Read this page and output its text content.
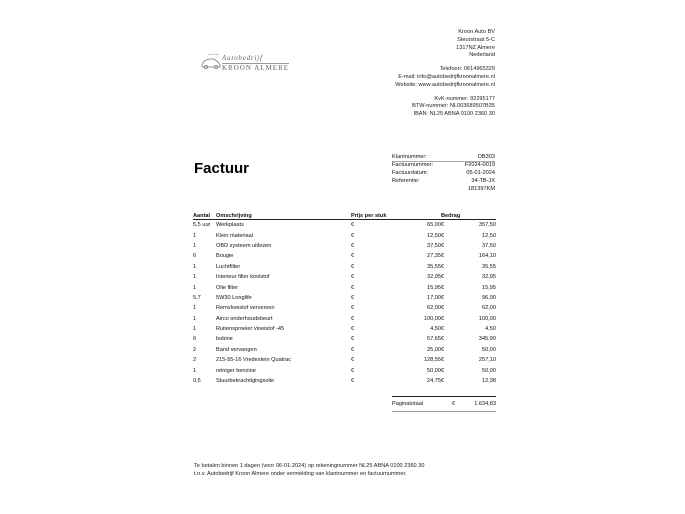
Autobedrijf
KROON ALMERE
Kroon Auto BV
Steurstraat 5-C
1317NZ Almere
Nederland
Telefoon: 0614965329
E-mail: info@autobedrijfkroonalmere.nl
Website: www.autobedrijfkroonalmere.nl
KvK-nummer: 92295177
BTW-nummer: NL003689507B35
IBAN: NL25 ABNA 0100 2360 30
Factuur
Klantnummer:	DB303
Factuurnummer:	F2024-0019
Factuurdatum:	05-01-2024
Referentie:	34-TB-JX
181397KM
Aantal	Omschrijving	Prijs per stuk		Bedrag	
5,5 uur	Werkplaats	€	65,00	€	357,50
1	Klein materiaal	€	12,50	€	12,50
1	OBD systeem uitlezen	€	37,50	€	37,50
6	Bougie	€	27,35	€	164,10
1	Luchtfilter	€	35,55	€	35,55
1	Interieur filter koolstof	€	32,95	€	32,95
1	Olie filter	€	15,95	€	15,95
5,7	5W30 Longlife	€	17,00	€	96,90
1	Remvloeistof verversen	€	62,00	€	62,00
1	Airco onderhoudsbeurt	€	100,00	€	100,00
1	Ruitensproeier vloeistof -45	€	4,50	€	4,50
6	bobine	€	57,65	€	345,90
2	Band vervangen	€	25,00	€	50,00
2	215-55-16 Vredestein Quatrac	€	128,55	€	257,10
1	reiniger benzine	€	50,00	€	50,00
0,5	Stuurbekrachtigingsolie	€	24,75	€	12,38
Paginatotaal	€	1.634,83
Te betalen binnen 1 dagen (voor 06-01-2024) op rekeningnummer NL25 ABNA 0100 2360 30
t.n.v. Autobedrijf Kroon Almere onder vermelding van klantnummer en factuurnummer.
